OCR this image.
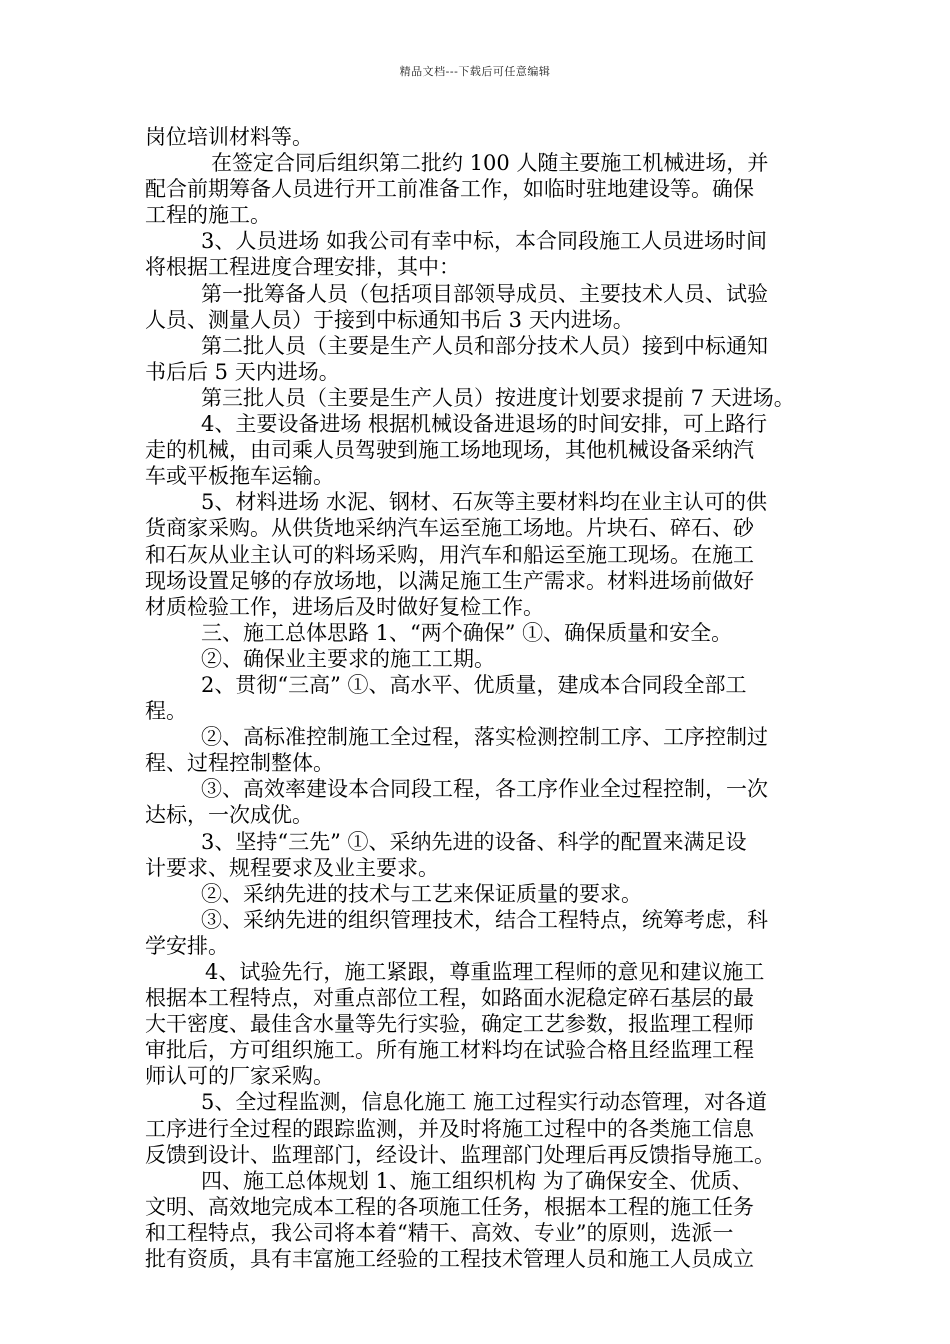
精品文档---下载后可任意编辑
岗位培训材料等。
在签定合同后组织第二批约 100 人随主要施工机械进场，并
配合前期筹备人员进行开工前准备工作，如临时驻地建设等。确保
工程的施工。
3、人员进场 如我公司有幸中标，本合同段施工人员进场时间
将根据工程进度合理安排，其中：
第一批筹备人员（包括项目部领导成员、主要技术人员、试验
人员、测量人员）于接到中标通知书后 3 天内进场。
第二批人员（主要是生产人员和部分技术人员）接到中标通知
书后后 5 天内进场。
第三批人员（主要是生产人员）按进度计划要求提前 7 天进场。
4、主要设备进场 根据机械设备进退场的时间安排，可上路行
走的机械，由司乘人员驾驶到施工场地现场，其他机械设备采纳汽
车或平板拖车运输。
5、材料进场 水泥、钢材、石灰等主要材料均在业主认可的供
货商家采购。从供货地采纳汽车运至施工场地。片块石、碎石、砂
和石灰从业主认可的料场采购，用汽车和船运至施工现场。在施工
现场设置足够的存放场地，以满足施工生产需求。材料进场前做好
材质检验工作，进场后及时做好复检工作。
三、施工总体思路 1、“两个确保” ①、确保质量和安全。
②、确保业主要求的施工工期。
2、贯彻“三高” ①、高水平、优质量，建成本合同段全部工
程。
②、高标准控制施工全过程，落实检测控制工序、工序控制过
程、过程控制整体。
③、高效率建设本合同段工程，各工序作业全过程控制，一次
达标，一次成优。
3、坚持“三先” ①、采纳先进的设备、科学的配置来满足设
计要求、规程要求及业主要求。
②、采纳先进的技术与工艺来保证质量的要求。
③、采纳先进的组织管理技术，结合工程特点，统筹考虑，科
学安排。
4、试验先行，施工紧跟，尊重监理工程师的意见和建议施工
根据本工程特点，对重点部位工程，如路面水泥稳定碎石基层的最
大干密度、最佳含水量等先行实验，确定工艺参数，报监理工程师
审批后，方可组织施工。所有施工材料均在试验合格且经监理工程
师认可的厂家采购。
5、全过程监测，信息化施工 施工过程实行动态管理，对各道
工序进行全过程的跟踪监测，并及时将施工过程中的各类施工信息
反馈到设计、监理部门，经设计、监理部门处理后再反馈指导施工。
四、施工总体规划 1、施工组织机构 为了确保安全、优质、
文明、高效地完成本工程的各项施工任务，根据本工程的施工任务
和工程特点，我公司将本着“精干、高效、专业”的原则，选派一
批有资质，具有丰富施工经验的工程技术管理人员和施工人员成立
